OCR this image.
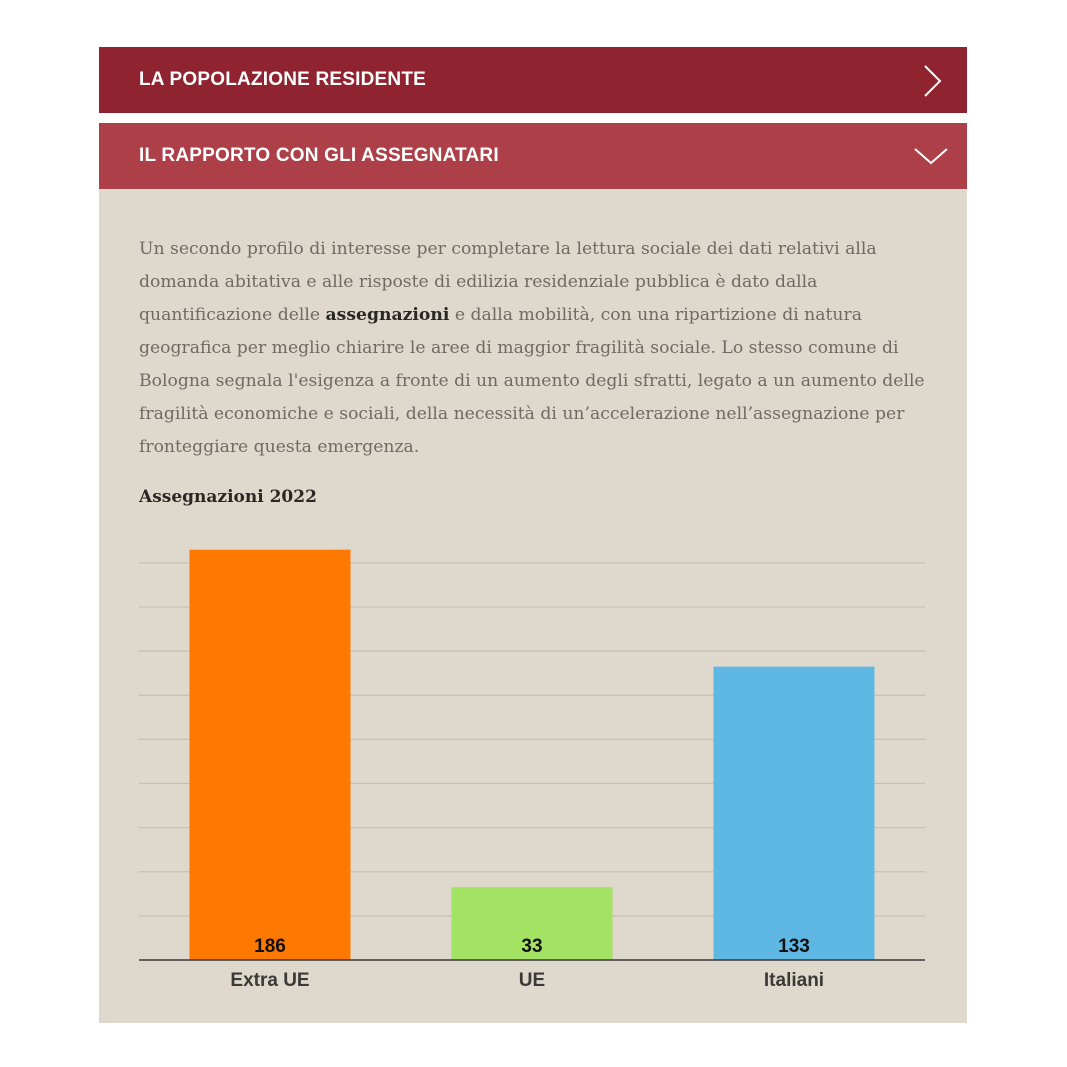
LA POPOLAZIONE RESIDENTE
IL RAPPORTO CON GLI ASSEGNATARI

Un secondo profilo di interesse per completare la lettura sociale dei dati relativi alla domanda abitativa e alle risposte di edilizia residenziale pubblica è dato dalla quantificazione delle assegnazioni e dalla mobilità, con una ripartizione di natura geografica per meglio chiarire le aree di maggior fragilità sociale. Lo stesso comune di Bologna segnala l'esigenza a fronte di un aumento degli sfratti, legato a un aumento delle fragilità economiche e sociali, della necessità di un’accelerazione nell’assegnazione per fronteggiare questa emergenza.

Assegnazioni 2022
186
Extra UE
33
UE
133
Italiani
